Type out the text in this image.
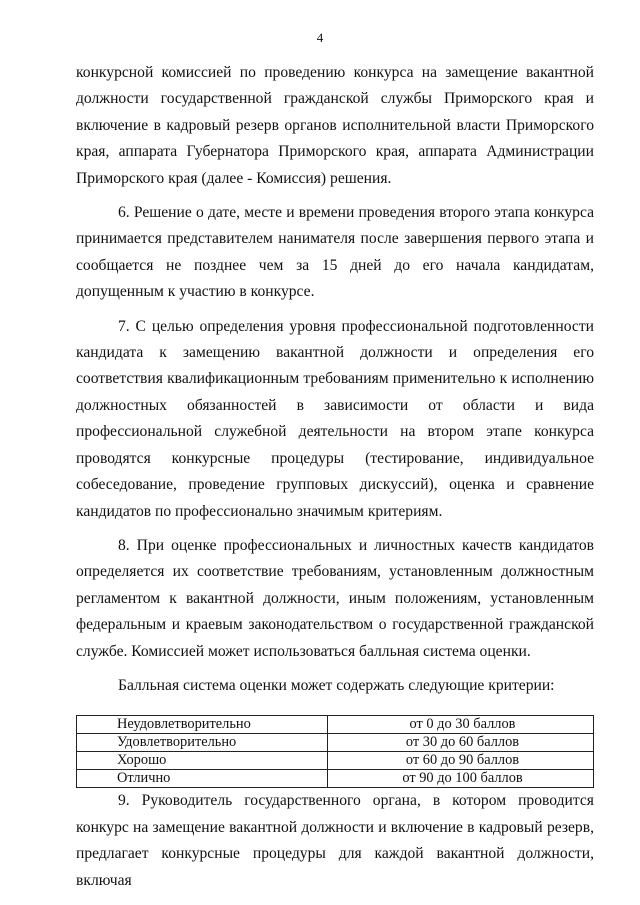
4

конкурсной комиссией по проведению конкурса на замещение вакантной должности государственной гражданской службы Приморского края и включение в кадровый резерв органов исполнительной власти Приморского края, аппарата Губернатора Приморского края, аппарата Администрации Приморского края (далее - Комиссия) решения.

6. Решение о дате, месте и времени проведения второго этапа конкурса принимается представителем нанимателя после завершения первого этапа и сообщается не позднее чем за 15 дней до его начала кандидатам, допущенным к участию в конкурсе.

7. С целью определения уровня профессиональной подготовленности кандидата к замещению вакантной должности и определения его соответствия квалификационным требованиям применительно к исполнению должностных обязанностей в зависимости от области и вида профессиональной служебной деятельности на втором этапе конкурса проводятся конкурсные процедуры (тестирование, индивидуальное собеседование, проведение групповых дискуссий), оценка и сравнение кандидатов по профессионально значимым критериям.

8. При оценке профессиональных и личностных качеств кандидатов определяется их соответствие требованиям, установленным должностным регламентом к вакантной должности, иным положениям, установленным федеральным и краевым законодательством о государственной гражданской службе. Комиссией может использоваться балльная система оценки.

Балльная система оценки может содержать следующие критерии:

Неудовлетворительно	от 0 до 30 баллов
Удовлетворительно	от 30 до 60 баллов
Хорошо	от 60 до 90 баллов
Отлично	от 90 до 100 баллов

9. Руководитель государственного органа, в котором проводится конкурс на замещение вакантной должности и включение в кадровый резерв, предлагает конкурсные процедуры для каждой вакантной должности, включая
